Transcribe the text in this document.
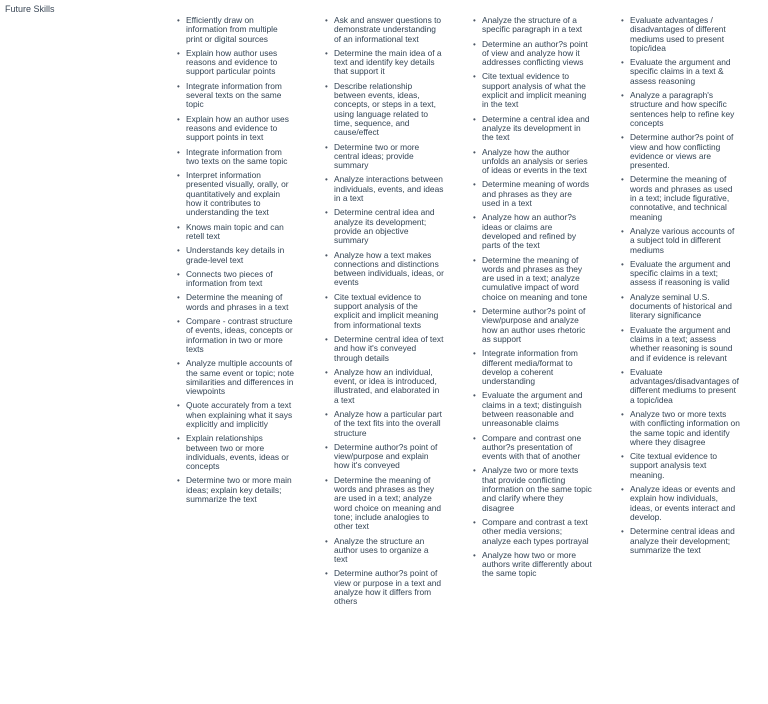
Future Skills
• Efficiently draw on information from multiple print or digital sources
• Explain how author uses reasons and evidence to support particular points
• Integrate information from several texts on the same topic
• Explain how an author uses reasons and evidence to support points in text
• Integrate information from two texts on the same topic
• Interpret information presented visually, orally, or quantitatively and explain how it contributes to understanding the text
• Knows main topic and can retell text
• Understands key details in grade-level text
• Connects two pieces of information from text
• Determine the meaning of words and phrases in a text
• Compare - contrast structure of events, ideas, concepts or information in two or more texts
• Analyze multiple accounts of the same event or topic; note similarities and differences in viewpoints
• Quote accurately from a text when explaining what it says explicitly and implicitly
• Explain relationships between two or more individuals, events, ideas or concepts
• Determine two or more main ideas; explain key details; summarize the text
• Ask and answer questions to demonstrate understanding of an informational text
• Determine the main idea of a text and identify key details that support it
• Describe relationship between events, ideas, concepts, or steps in a text, using language related to time, sequence, and cause/effect
• Determine two or more central ideas; provide summary
• Analyze interactions between individuals, events, and ideas in a text
• Determine central idea and analyze its development; provide an objective summary
• Analyze how a text makes connections and distinctions between individuals, ideas, or events
• Cite textual evidence to support analysis of the explicit and implicit meaning from informational texts
• Determine central idea of text and how it's conveyed through details
• Analyze how an individual, event, or idea is introduced, illustrated, and elaborated in a text
• Analyze how a particular part of the text fits into the overall structure
• Determine author?s point of view/purpose and explain how it's conveyed
• Determine the meaning of words and phrases as they are used in a text; analyze word choice on meaning and tone; include analogies to other text
• Analyze the structure an author uses to organize a text
• Determine author?s point of view or purpose in a text and analyze how it differs from others
• Analyze the structure of a specific paragraph in a text
• Determine an author?s point of view and analyze how it addresses conflicting views
• Cite textual evidence to support analysis of what the explicit and implicit meaning in the text
• Determine a central idea and analyze its development in the text
• Analyze how the author unfolds an analysis or series of ideas or events in the text
• Determine meaning of words and phrases as they are used in a text
• Analyze how an author?s ideas or claims are developed and refined by parts of the text
• Determine the meaning of words and phrases as they are used in a text; analyze cumulative impact of word choice on meaning and tone
• Determine author?s point of view/purpose and analyze how an author uses rhetoric as support
• Integrate information from different media/format to develop a coherent understanding
• Evaluate the argument and claims in a text; distinguish between reasonable and unreasonable claims
• Compare and contrast one author?s presentation of events with that of another
• Analyze two or more texts that provide conflicting information on the same topic and clarify where they disagree
• Compare and contrast a text other media versions; analyze each types portrayal
• Analyze how two or more authors write differently about the same topic
• Evaluate advantages / disadvantages of different mediums used to present topic/idea
• Evaluate the argument and specific claims in a text & assess reasoning
• Analyze a paragraph's structure and how specific sentences help to refine key concepts
• Determine author?s point of view and how conflicting evidence or views are presented.
• Determine the meaning of words and phrases as used in a text; include figurative, connotative, and technical meaning
• Analyze various accounts of a subject told in different mediums
• Evaluate the argument and specific claims in a text; assess if reasoning is valid
• Analyze seminal U.S. documents of historical and literary significance
• Evaluate the argument and claims in a text; assess whether reasoning is sound and if evidence is relevant
• Evaluate advantages/disadvantages of different mediums to present a topic/idea
• Analyze two or more texts with conflicting information on the same topic and identify where they disagree
• Cite textual evidence to support analysis text meaning.
• Analyze ideas or events and explain how individuals, ideas, or events interact and develop.
• Determine central ideas and analyze their development; summarize the text
